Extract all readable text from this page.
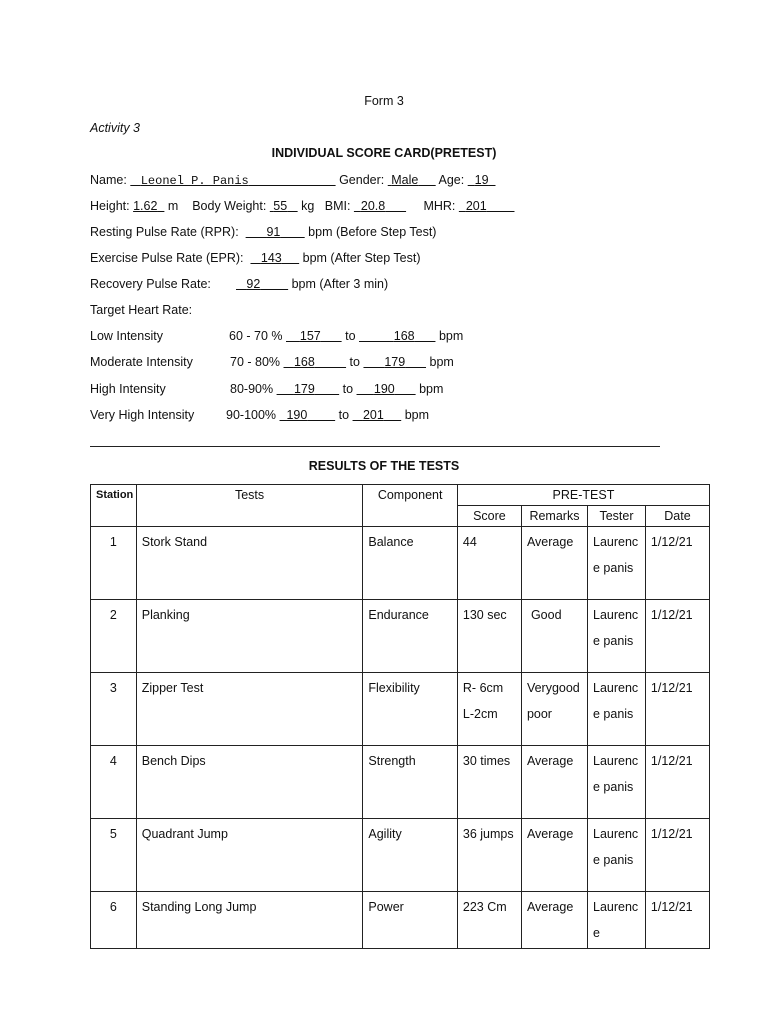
Form 3
Activity 3
INDIVIDUAL SCORE CARD(PRETEST)
Name: Leonel P. Panis	Gender: Male Age: 19
Height: 1.62 m Body Weight: 55 kg BMI: 20.8	MHR: 201
Resting Pulse Rate (RPR): 91 bpm (Before Step Test)
Exercise Pulse Rate (EPR): 143 bpm (After Step Test)
Recovery Pulse Rate:	92	bpm (After 3 min)
Target Heart Rate:
Low Intensity	60 - 70 % 157 to	168 bpm
Moderate Intensity	70 - 80% 168	to 179 bpm
High Intensity	80-90% 179 to 190 bpm
Very High Intensity	90-100% 190	to 201 bpm
RESULTS OF THE TESTS
Station	Tests	Component	PRE-TEST			
			Score	Remarks	Tester	Date
1	Stork Stand	Balance	44	Average	Laurence panis	1/12/21
2	Planking	Endurance	130 sec	Good	Laurence panis	1/12/21
3	Zipper Test	Flexibility	R- 6cm L-2cm	Verygood poor	Laurence panis	1/12/21
4	Bench Dips	Strength	30 times	Average	Laurence panis	1/12/21
5	Quadrant Jump	Agility	36 jumps	Average	Laurence panis	1/12/21
6	Standing Long Jump	Power	223 Cm	Average	Laurence	1/12/21
